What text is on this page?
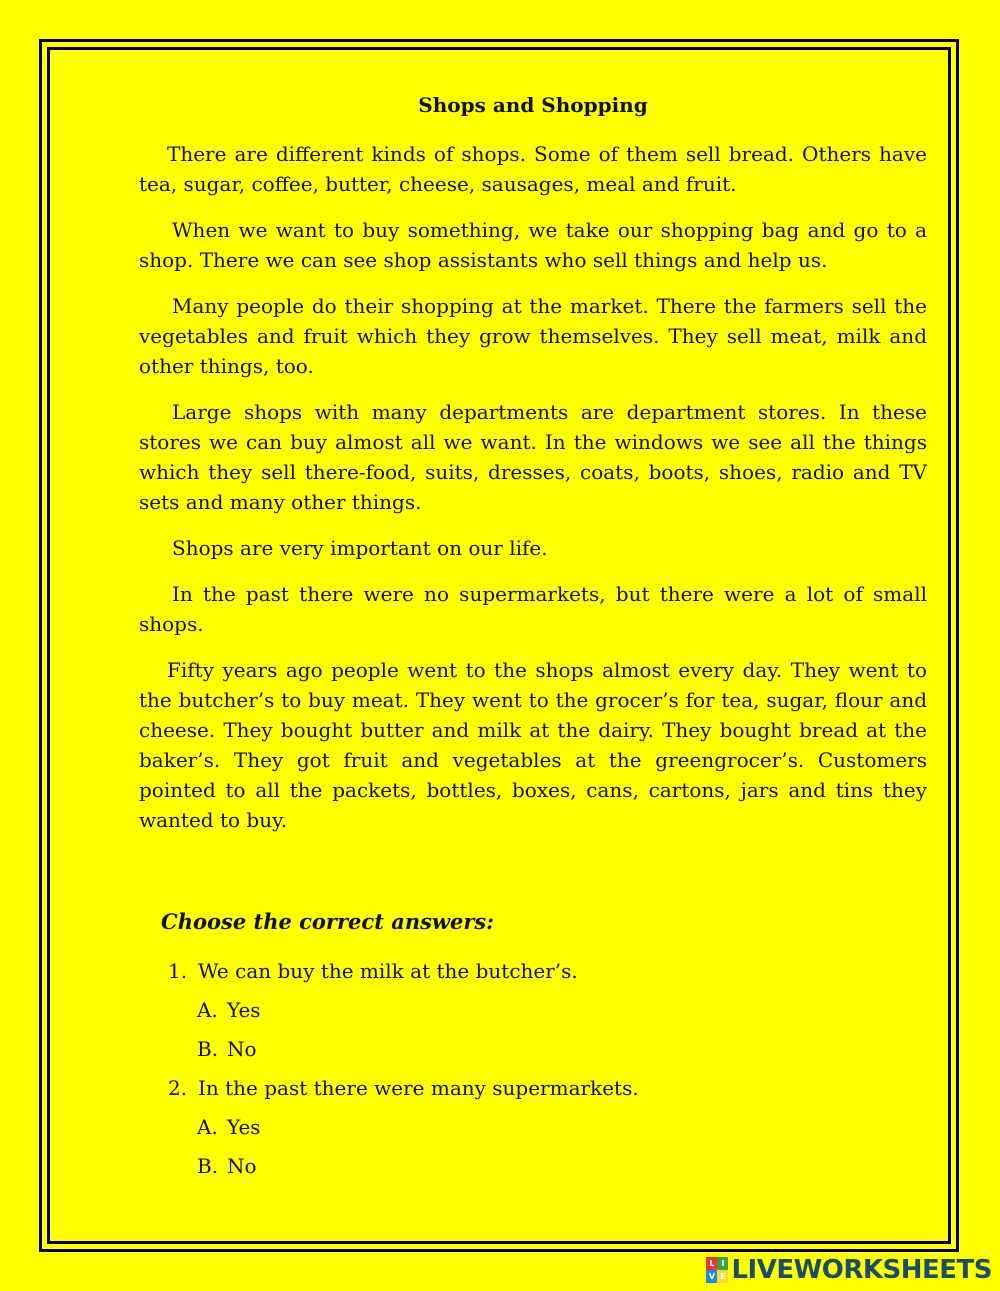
Shops and Shopping

There are different kinds of shops. Some of them sell bread. Others have tea, sugar, coffee, butter, cheese, sausages, meal and fruit.

When we want to buy something, we take our shopping bag and go to a shop. There we can see shop assistants who sell things and help us.

Many people do their shopping at the market. There the farmers sell the vegetables and fruit which they grow themselves. They sell meat, milk and other things, too.

Large shops with many departments are department stores. In these stores we can buy almost all we want. In the windows we see all the things which they sell there-food, suits, dresses, coats, boots, shoes, radio and TV sets and many other things.

Shops are very important on our life.

In the past there were no supermarkets, but there were a lot of small shops.

Fifty years ago people went to the shops almost every day. They went to the butcher’s to buy meat. They went to the grocer’s for tea, sugar, flour and cheese. They bought butter and milk at the dairy. They bought bread at the baker’s. They got fruit and vegetables at the greengrocer’s. Customers pointed to all the packets, bottles, boxes, cans, cartons, jars and tins they wanted to buy.

Choose the correct answers:
1. We can buy the milk at the butcher’s.
A. Yes
B. No
2. In the past there were many supermarkets.
A. Yes
B. No
L I
V E LIVEWORKSHEETS
